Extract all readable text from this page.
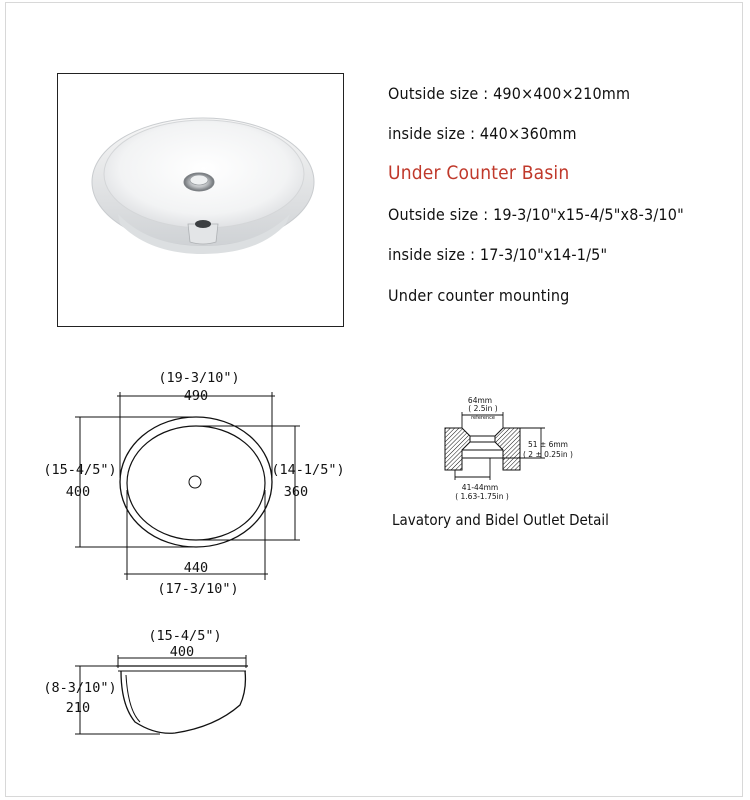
Outside size : 490×400×210mm
inside size : 440×360mm
Under Counter Basin
Outside size : 19-3/10"x15-4/5"x8-3/10"
inside size : 17-3/10"x14-1/5"
Under counter mounting
(19-3/10")
490
(15-4/5")
400
(14-1/5")
360
440
(17-3/10")
(15-4/5")
400
(8-3/10")
210
64mm
( 2.5in )
reference
51 ± 6mm
( 2 ± 0.25in )
41-44mm
( 1.63-1.75in )
Lavatory and Bidel Outlet Detail
